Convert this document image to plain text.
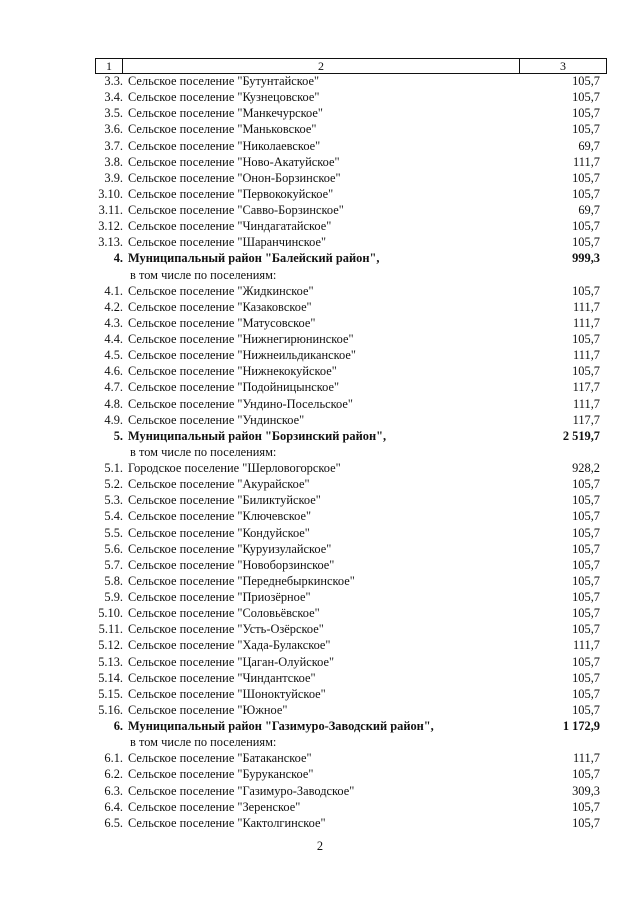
1	2	3
3.3. Сельское поселение "Бутунтайское"	105,7
3.4. Сельское поселение "Кузнецовское"	105,7
3.5. Сельское поселение "Манкечурское"	105,7
3.6. Сельское поселение "Маньковское"	105,7
3.7. Сельское поселение "Николаевское"	69,7
3.8. Сельское поселение "Ново-Акатуйское"	111,7
3.9. Сельское поселение "Онон-Борзинское"	105,7
3.10. Сельское поселение "Первококуйское"	105,7
3.11. Сельское поселение "Савво-Борзинское"	69,7
3.12. Сельское поселение "Чиндагатайское"	105,7
3.13. Сельское поселение "Шаранчинское"	105,7
4. Муниципальный район "Балейский район",	999,3
в том числе по поселениям:
4.1. Сельское поселение "Жидкинское"	105,7
4.2. Сельское поселение "Казаковское"	111,7
4.3. Сельское поселение "Матусовское"	111,7
4.4. Сельское поселение "Нижнегирюнинское"	105,7
4.5. Сельское поселение "Нижнеильдиканское"	111,7
4.6. Сельское поселение "Нижнекокуйское"	105,7
4.7. Сельское поселение "Подойницынское"	117,7
4.8. Сельское поселение "Ундино-Посельское"	111,7
4.9. Сельское поселение "Ундинское"	117,7
5. Муниципальный район "Борзинский район",	2 519,7
в том числе по поселениям:
5.1. Городское поселение "Шерловогорское"	928,2
5.2. Сельское поселение "Акурайское"	105,7
5.3. Сельское поселение "Биликтуйское"	105,7
5.4. Сельское поселение "Ключевское"	105,7
5.5. Сельское поселение "Кондуйское"	105,7
5.6. Сельское поселение "Куруизулайское"	105,7
5.7. Сельское поселение "Новоборзинское"	105,7
5.8. Сельское поселение "Переднебыркинское"	105,7
5.9. Сельское поселение "Приозёрное"	105,7
5.10. Сельское поселение "Соловьёвское"	105,7
5.11. Сельское поселение "Усть-Озёрское"	105,7
5.12. Сельское поселение "Хада-Булакское"	111,7
5.13. Сельское поселение "Цаган-Олуйское"	105,7
5.14. Сельское поселение "Чиндантское"	105,7
5.15. Сельское поселение "Шоноктуйское"	105,7
5.16. Сельское поселение "Южное"	105,7
6. Муниципальный район "Газимуро-Заводский район",	1 172,9
в том числе по поселениям:
6.1. Сельское поселение "Батаканское"	111,7
6.2. Сельское поселение "Буруканское"	105,7
6.3. Сельское поселение "Газимуро-Заводское"	309,3
6.4. Сельское поселение "Зеренское"	105,7
6.5. Сельское поселение "Кактолгинское"	105,7
2
